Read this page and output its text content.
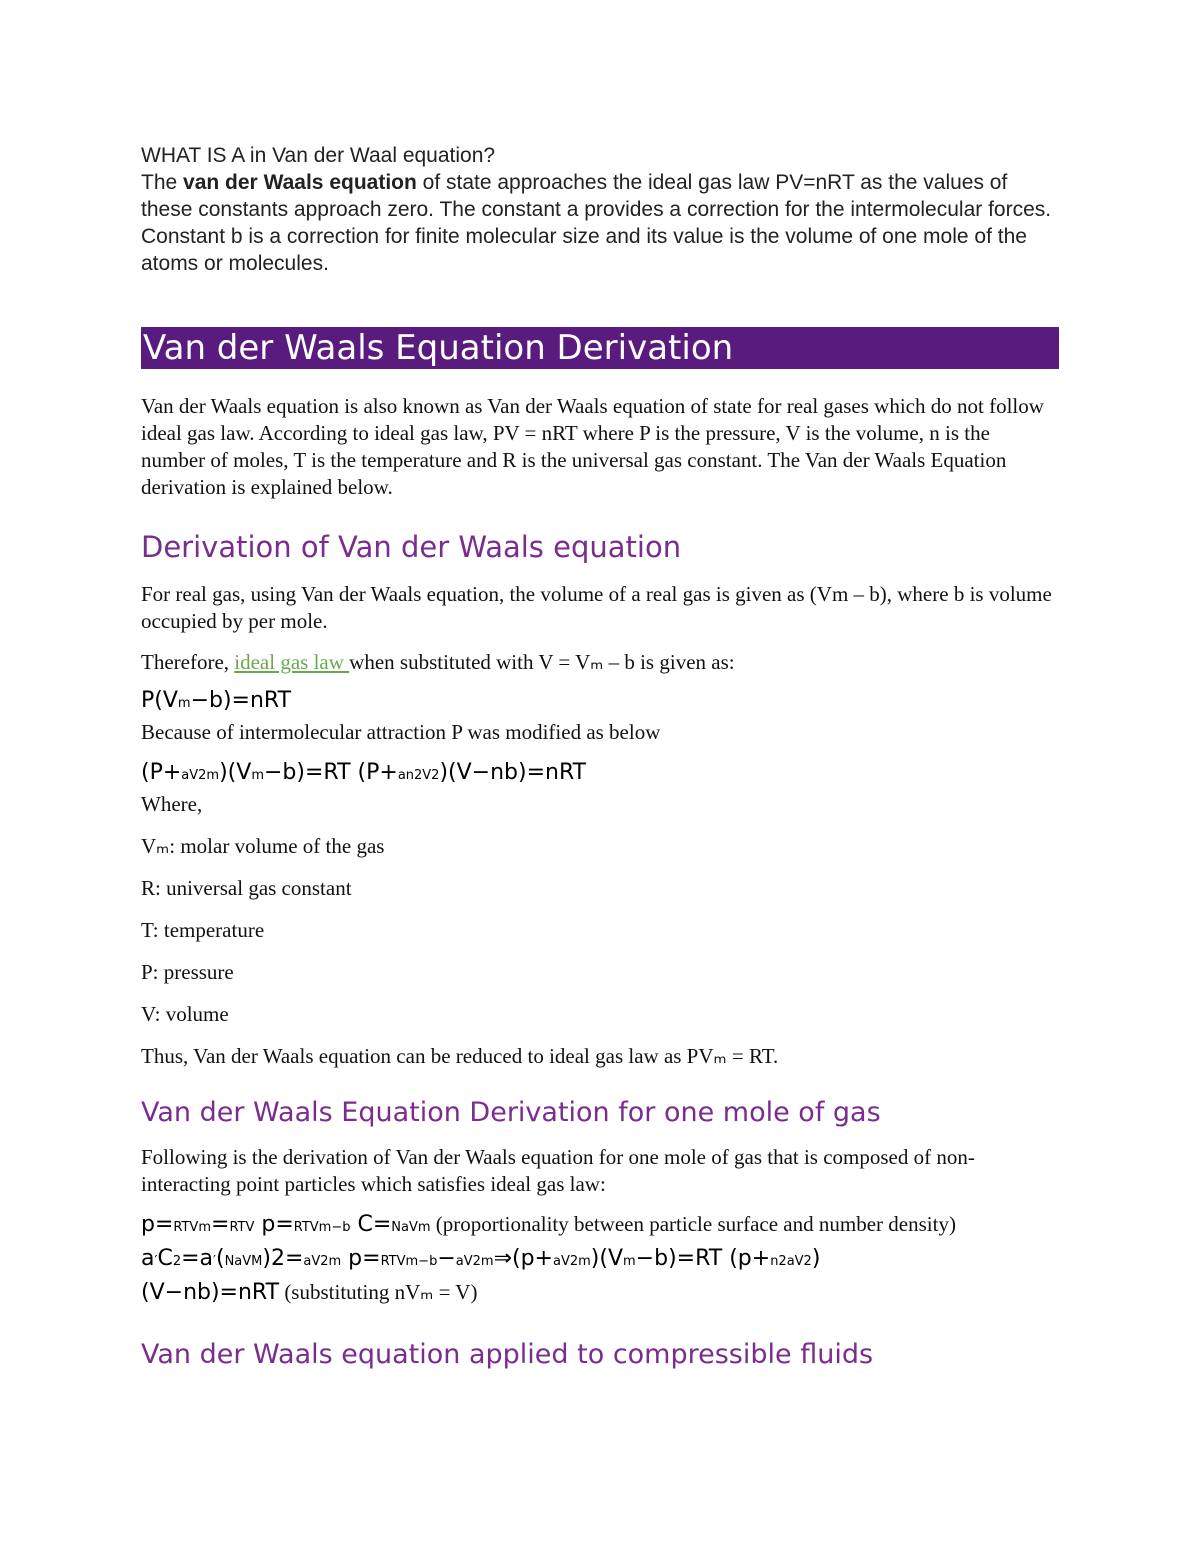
WHAT IS A in Van der Waal equation?

The van der Waals equation of state approaches the ideal gas law PV=nRT as the values of these constants approach zero. The constant a provides a correction for the intermolecular forces. Constant b is a correction for finite molecular size and its value is the volume of one mole of the atoms or molecules.

Van der Waals Equation Derivation

Van der Waals equation is also known as Van der Waals equation of state for real gases which do not follow ideal gas law. According to ideal gas law, PV = nRT where P is the pressure, V is the volume, n is the number of moles, T is the temperature and R is the universal gas constant. The Van der Waals Equation derivation is explained below.

Derivation of Van der Waals equation

For real gas, using Van der Waals equation, the volume of a real gas is given as (Vm – b), where b is volume occupied by per mole.

Therefore, ideal gas law when substituted with V = Vₘ – b is given as:

P(Vm−b)=nRT

Because of intermolecular attraction P was modified as below

(P+aV2m)(Vm−b)=RT (P+an2V2)(V−nb)=nRT

Where,

Vₘ: molar volume of the gas

R: universal gas constant

T: temperature

P: pressure

V: volume

Thus, Van der Waals equation can be reduced to ideal gas law as PVₘ = RT.

Van der Waals Equation Derivation for one mole of gas

Following is the derivation of Van der Waals equation for one mole of gas that is composed of non-interacting point particles which satisfies ideal gas law:

p=RTVm=RTV p=RTVm−b C=NaVm (proportionality between particle surface and number density)
a′C2=a′(NaVM)2=aV2m p=RTVm−b−aV2m⇒(p+aV2m)(Vm−b)=RT (p+n2aV2)
(V−nb)=nRT (substituting nVₘ = V)
Van der Waals equation applied to compressible fluids
